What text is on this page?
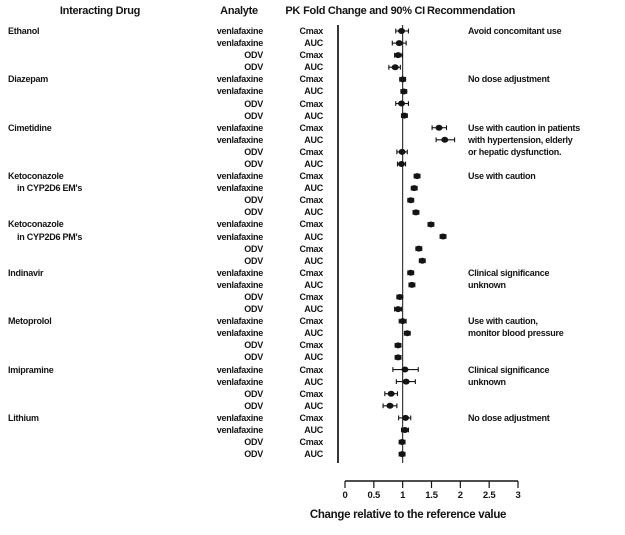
Interacting Drug	Analyte	PK Fold Change and 90% CI Recommendation
Ethanol	venlafaxine	Cmax	Avoid concomitant use
venlafaxine	AUC
ODV	Cmax
ODV	AUC
Diazepam	venlafaxine	Cmax	No dose adjustment
venlafaxine	AUC
ODV	Cmax
ODV	AUC
Cimetidine	venlafaxine	Cmax	Use with caution in patients
venlafaxine	AUC	with hypertension, elderly
ODV	Cmax	or hepatic dysfunction.
ODV	AUC
Ketoconazole	venlafaxine	Cmax	Use with caution
in CYP2D6 EM's	venlafaxine	AUC
ODV	Cmax
ODV	AUC
Ketoconazole	venlafaxine	Cmax
in CYP2D6 PM's	venlafaxine	AUC
ODV	Cmax
ODV	AUC
Indinavir	venlafaxine	Cmax	Clinical significance
venlafaxine	AUC	unknown
ODV	Cmax
ODV	AUC
Metoprolol	venlafaxine	Cmax	Use with caution,
venlafaxine	AUC	monitor blood pressure
ODV	Cmax
ODV	AUC
Imipramine	venlafaxine	Cmax	Clinical significance
venlafaxine	AUC	unknown
ODV	Cmax
ODV	AUC
Lithium	venlafaxine	Cmax	No dose adjustment
venlafaxine	AUC
ODV	Cmax
ODV	AUC
0	0.5	1	1.5	2	2.5	3
Change relative to the reference value
